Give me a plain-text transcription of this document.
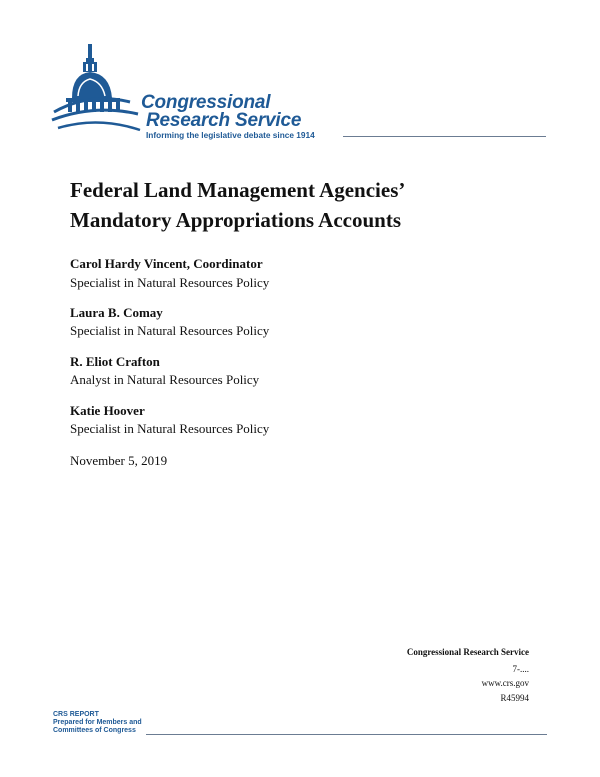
Congressional
Research Service
Informing the legislative debate since 1914
Federal Land Management Agencies’
Mandatory Appropriations Accounts
Carol Hardy Vincent, Coordinator
Specialist in Natural Resources Policy
Laura B. Comay
Specialist in Natural Resources Policy
R. Eliot Crafton
Analyst in Natural Resources Policy
Katie Hoover
Specialist in Natural Resources Policy
November 5, 2019
Congressional Research Service
7-....
www.crs.gov
R45994
CRS REPORT
Prepared for Members and
Committees of Congress
